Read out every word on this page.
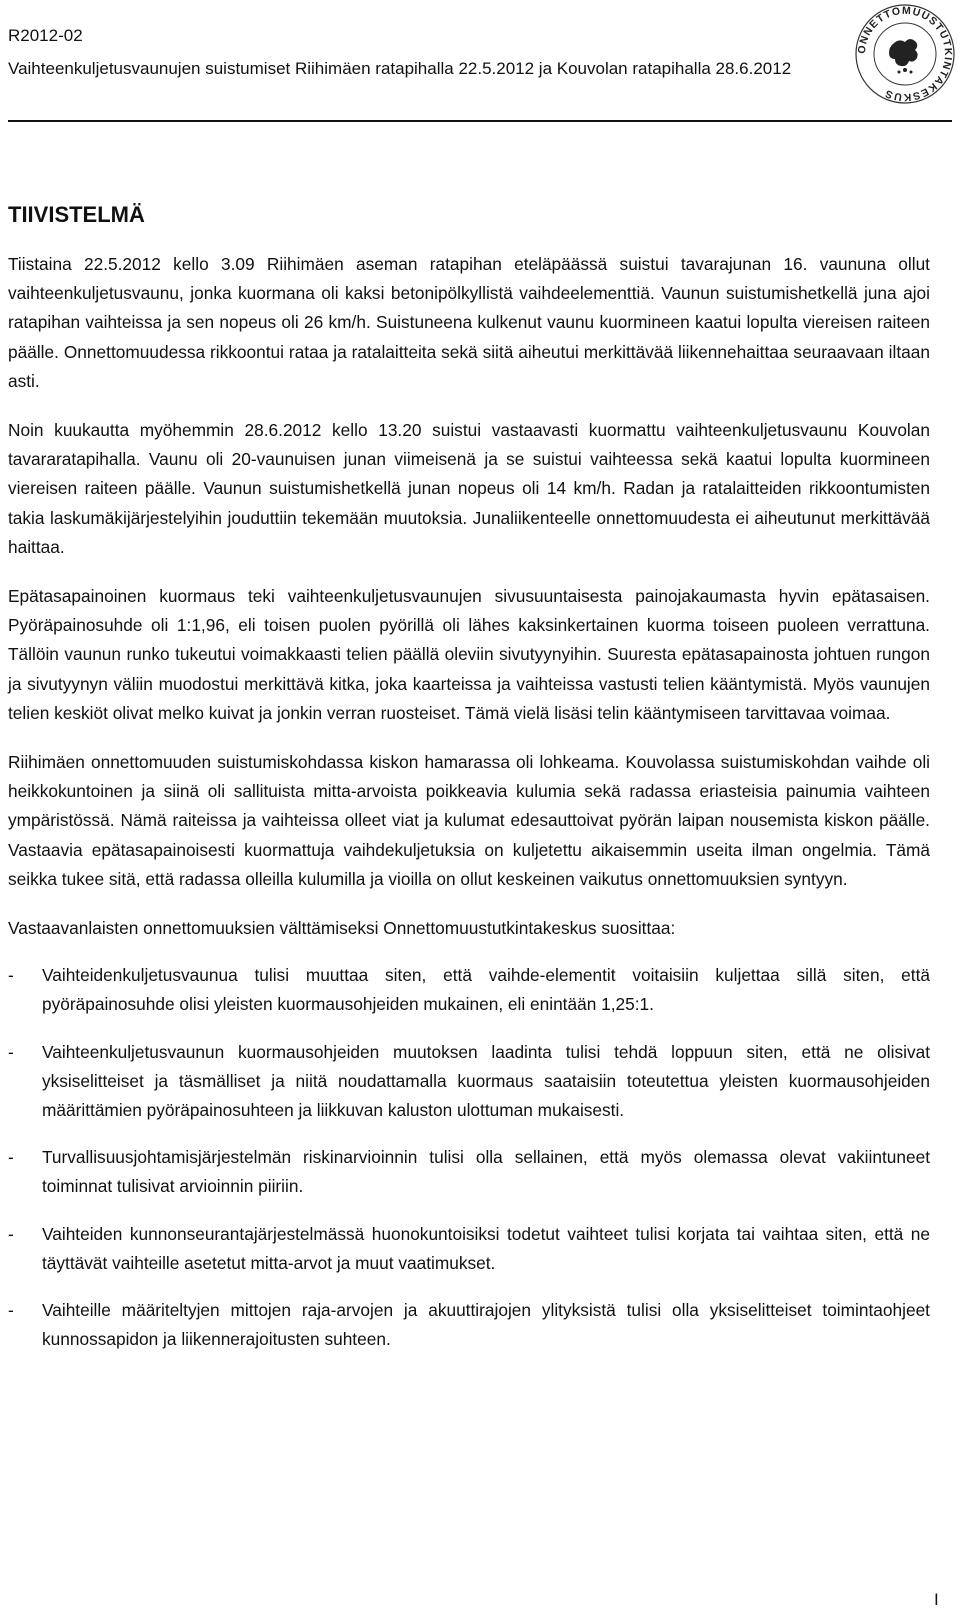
R2012-02
Vaihteenkuljetusvaunujen suistumiset Riihimäen ratapihalla 22.5.2012 ja Kouvolan ratapihalla 28.6.2012
ONNETTOMUUSTUTKINTAKESKUS
TIIVISTELMÄ

Tiistaina 22.5.2012 kello 3.09 Riihimäen aseman ratapihan eteläpäässä suistui tavarajunan 16. vaununa ollut vaihteenkuljetusvaunu, jonka kuormana oli kaksi betonipölkyllistä vaihdeelementtiä. Vaunun suistumishetkellä juna ajoi ratapihan vaihteissa ja sen nopeus oli 26 km/h. Suistuneena kulkenut vaunu kuormineen kaatui lopulta viereisen raiteen päälle. Onnettomuudessa rikkoontui rataa ja ratalaitteita sekä siitä aiheutui merkittävää liikennehaittaa seuraavaan iltaan asti.

Noin kuukautta myöhemmin 28.6.2012 kello 13.20 suistui vastaavasti kuormattu vaihteenkuljetusvaunu Kouvolan tavararatapihalla. Vaunu oli 20-vaunuisen junan viimeisenä ja se suistui vaihteessa sekä kaatui lopulta kuormineen viereisen raiteen päälle. Vaunun suistumishetkellä junan nopeus oli 14 km/h. Radan ja ratalaitteiden rikkoontumisten takia laskumäkijärjestelyihin jouduttiin tekemään muutoksia. Junaliikenteelle onnettomuudesta ei aiheutunut merkittävää haittaa.

Epätasapainoinen kuormaus teki vaihteenkuljetusvaunujen sivusuuntaisesta painojakaumasta hyvin epätasaisen. Pyöräpainosuhde oli 1:1,96, eli toisen puolen pyörillä oli lähes kaksinkertainen kuorma toiseen puoleen verrattuna. Tällöin vaunun runko tukeutui voimakkaasti telien päällä oleviin sivutyynyihin. Suuresta epätasapainosta johtuen rungon ja sivutyynyn väliin muodostui merkittävä kitka, joka kaarteissa ja vaihteissa vastusti telien kääntymistä. Myös vaunujen telien keskiöt olivat melko kuivat ja jonkin verran ruosteiset. Tämä vielä lisäsi telin kääntymiseen tarvittavaa voimaa.

Riihimäen onnettomuuden suistumiskohdassa kiskon hamarassa oli lohkeama. Kouvolassa suistumiskohdan vaihde oli heikkokuntoinen ja siinä oli sallituista mitta-arvoista poikkeavia kulumia sekä radassa eriasteisia painumia vaihteen ympäristössä. Nämä raiteissa ja vaihteissa olleet viat ja kulumat edesauttoivat pyörän laipan nousemista kiskon päälle. Vastaavia epätasapainoisesti kuormattuja vaihdekuljetuksia on kuljetettu aikaisemmin useita ilman ongelmia. Tämä seikka tukee sitä, että radassa olleilla kulumilla ja vioilla on ollut keskeinen vaikutus onnettomuuksien syntyyn.

Vastaavanlaisten onnettomuuksien välttämiseksi Onnettomuustutkintakeskus suosittaa:

- Vaihteidenkuljetusvaunua tulisi muuttaa siten, että vaihde-elementit voitaisiin kuljettaa sillä siten, että pyöräpainosuhde olisi yleisten kuormausohjeiden mukainen, eli enintään 1,25:1.
- Vaihteenkuljetusvaunun kuormausohjeiden muutoksen laadinta tulisi tehdä loppuun siten, että ne olisivat yksiselitteiset ja täsmälliset ja niitä noudattamalla kuormaus saataisiin toteutettua yleisten kuormausohjeiden määrittämien pyöräpainosuhteen ja liikkuvan kaluston ulottuman mukaisesti.
- Turvallisuusjohtamisjärjestelmän riskinarvioinnin tulisi olla sellainen, että myös olemassa olevat vakiintuneet toiminnat tulisivat arvioinnin piiriin.
- Vaihteiden kunnonseurantajärjestelmässä huonokuntoisiksi todetut vaihteet tulisi korjata tai vaihtaa siten, että ne täyttävät vaihteille asetetut mitta-arvot ja muut vaatimukset.
- Vaihteille määriteltyjen mittojen raja-arvojen ja akuuttirajojen ylityksistä tulisi olla yksiselitteiset toimintaohjeet kunnossapidon ja liikennerajoitusten suhteen.
I
